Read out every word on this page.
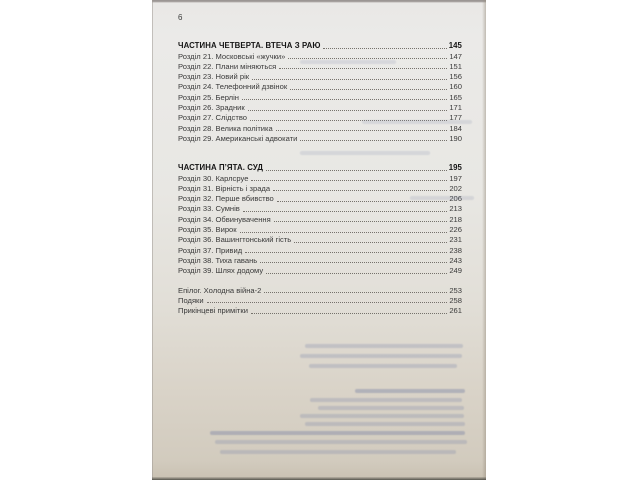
6
ЧАСТИНА ЧЕТВЕРТА. ВТЕЧА З РАЮ	145
Розділ 21. Московські «жучки»	147
Розділ 22. Плани міняються	151
Розділ 23. Новий рік	156
Розділ 24. Телефонний дзвінок	160
Розділ 25. Берлін	165
Розділ 26. Зрадник	171
Розділ 27. Слідство	177
Розділ 28. Велика політика	184
Розділ 29. Американські адвокати	190
ЧАСТИНА П’ЯТА. СУД	195
Розділ 30. Карлсруе	197
Розділ 31. Вірність і зрада	202
Розділ 32. Перше вбивство	206
Розділ 33. Сумнів	213
Розділ 34. Обвинувачення	218
Розділ 35. Вирок	226
Розділ 36. Вашингтонський гість	231
Розділ 37. Привид	238
Розділ 38. Тиха гавань	243
Розділ 39. Шлях додому	249
Епілог. Холодна війна-2	253
Подяки	258
Прикінцеві примітки	261
